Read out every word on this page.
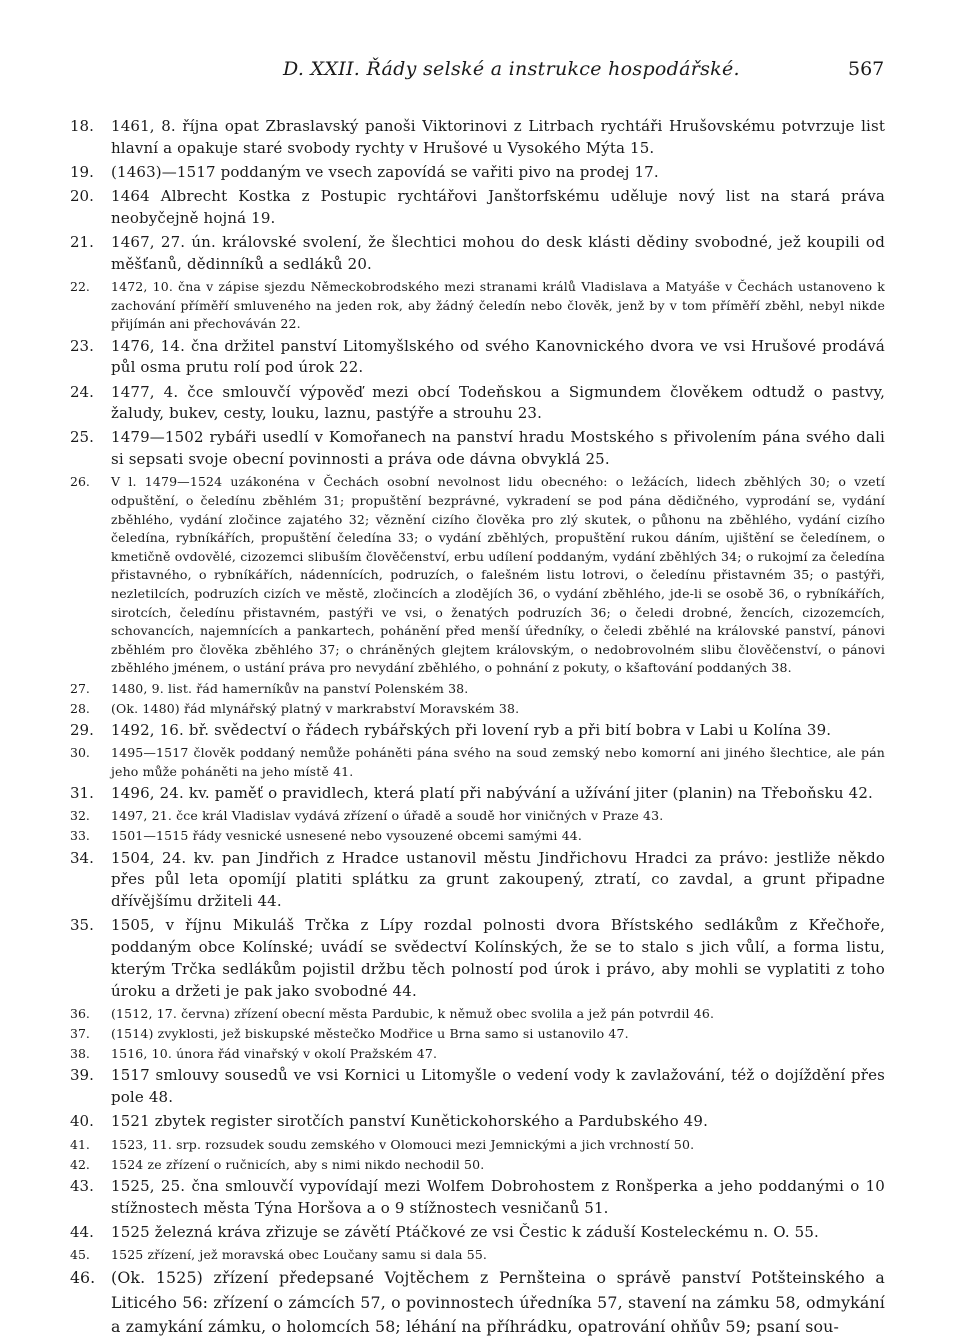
D. XXII. Řády selské a instrukce hospodářské.	567
18. 1461, 8. října opat Zbraslavský panoši Viktorinovi z Litrbach rychtáři Hrušovskému potvrzuje list hlavní a opakuje staré svobody rychty v Hrušové u Vysokého Mýta 15.
19. (1463)—1517 poddaným ve vsech zapovídá se vařiti pivo na prodej 17.
20. 1464 Albrecht Kostka z Postupic rychtářovi Janštorfskému uděluje nový list na stará práva neobyčejně hojná 19.
21. 1467, 27. ún. královské svolení, že šlechtici mohou do desk klásti dědiny svobodné, jež koupili od měšťanů, dědinníků a sedláků 20.
22. 1472, 10. čna v zápise sjezdu Německobrodského mezi stranami králů Vladislava a Matyáše v Čechách ustanoveno k zachování příměří smluveného na jeden rok, aby žádný čeledín nebo člověk, jenž by v tom příměří zběhl, nebyl nikde přijímán ani přechováván 22.
23. 1476, 14. čna držitel panství Litomyšlského od svého Kanovnického dvora ve vsi Hrušové prodává půl osma prutu rolí pod úrok 22.
24. 1477, 4. čce smlouvčí výpověď mezi obcí Todeňskou a Sigmundem člověkem odtudž o pastvy, žaludy, bukev, cesty, louku, laznu, pastýře a strouhu 23.
25. 1479—1502 rybáři usedlí v Komořanech na panství hradu Mostského s přivolením pána svého dali si sepsati svoje obecní povinnosti a práva ode dávna obvyklá 25.
26. V l. 1479—1524 uzákonéna v Čechách osobní nevolnost lidu obecného: o ležácích, lidech zběhlých 30; o vzetí odpuštění, o čeledínu zběhlém 31; propuštění bezprávné, vykradení se pod pána dědičného, vyprodání se, vydání zběhlého, vydání zločince zajatého 32; věznění cizího člověka pro zlý skutek, o půhonu na zběhlého, vydání cizího čeledína, rybníkářích, propuštění čeledína 33; o vydání zběhlých, propuštění rukou dáním, ujištění se čeledínem, o kmetičně ovdovělé, cizozemci slibuším člověčenství, erbu udílení poddaným, vydání zběhlých 34; o rukojmí za čeledína přistavného, o rybníkářích, nádennících, podruzích, o falešném listu lotrovi, o čeledínu přistavném 35; o pastýři, nezletilcích, podruzích cizích ve městě, zločincích a zlodějích 36, o vydání zběhlého, jde-li se osobě 36, o rybníkářích, sirotcích, čeledínu přistavném, pastýři ve vsi, o ženatých podruzích 36; o čeledi drobné, žencích, cizozemcích, schovancích, najemnících a pankartech, pohánění před menší úředníky, o čeledi zběhlé na královské panství, pánovi zběhlém pro člověka zběhlého 37; o chráněných glejtem královským, o nedobrovolném slibu člověčenství, o pánovi zběhlého jménem, o ustání práva pro nevydání zběhlého, o pohnání z pokuty, o kšaftování poddaných 38.
27. 1480, 9. list. řád hamerníkův na panství Polenském 38.
28. (Ok. 1480) řád mlynářský platný v markrabství Moravském 38.
29. 1492, 16. bř. svědectví o řádech rybářských při lovení ryb a při bití bobra v Labi u Kolína 39.
30. 1495—1517 člověk poddaný nemůže poháněti pána svého na soud zemský nebo komorní ani jiného šlechtice, ale pán jeho může poháněti na jeho místě 41.
31. 1496, 24. kv. paměť o pravidlech, která platí při nabývání a užívání jiter (planin) na Třeboňsku 42.
32. 1497, 21. čce král Vladislav vydává zřízení o úřadě a soudě hor viničných v Praze 43.
33. 1501—1515 řády vesnické usnesené nebo vysouzené obcemi samými 44.
34. 1504, 24. kv. pan Jindřich z Hradce ustanovil městu Jindřichovu Hradci za právo: jestliže někdo přes půl leta opomíjí platiti splátku za grunt zakoupený, ztratí, co zavdal, a grunt připadne dřívějšímu držiteli 44.
35. 1505, v říjnu Mikuláš Trčka z Lípy rozdal polnosti dvora Břístského sedlákům z Křečhoře, poddaným obce Kolínské; uvádí se svědectví Kolínských, že se to stalo s jich vůlí, a forma listu, kterým Trčka sedlákům pojistil držbu těch polností pod úrok i právo, aby mohli se vyplatiti z toho úroku a držeti je pak jako svobodné 44.
36. (1512, 17. června) zřízení obecní města Pardubic, k němuž obec svolila a jež pán potvrdil 46.
37. (1514) zvyklosti, jež biskupské městečko Modřice u Brna samo si ustanovilo 47.
38. 1516, 10. února řád vinařský v okolí Pražském 47.
39. 1517 smlouvy sousedů ve vsi Kornici u Litomyšle o vedení vody k zavlažování, též o dojíždění přes pole 48.
40. 1521 zbytek register sirotčích panství Kunětickohorského a Pardubského 49.
41. 1523, 11. srp. rozsudek soudu zemského v Olomouci mezi Jemnickými a jich vrchností 50.
42. 1524 ze zřízení o ručnicích, aby s nimi nikdo nechodil 50.
43. 1525, 25. čna smlouvčí vypovídají mezi Wolfem Dobrohostem z Ronšperka a jeho poddanými o 10 stížnostech města Týna Horšova a o 9 stížnostech vesničanů 51.
44. 1525 železná kráva zřizuje se závětí Ptáčkové ze vsi Čestic k záduší Kosteleckému n. O. 55.
45. 1525 zřízení, jež moravská obec Loučany samu si dala 55.
46. (Ok. 1525) zřízení předepsané Vojtěchem z Pernšteina o správě panství Potšteinského a Liticého 56: zřízení o zámcích 57, o povinnostech úředníka 57, stavení na zámku 58, odmykání a zamykání zámku, o holomcích 58; léhání na příhrádku, opatrování ohňův 59; psaní sou-
